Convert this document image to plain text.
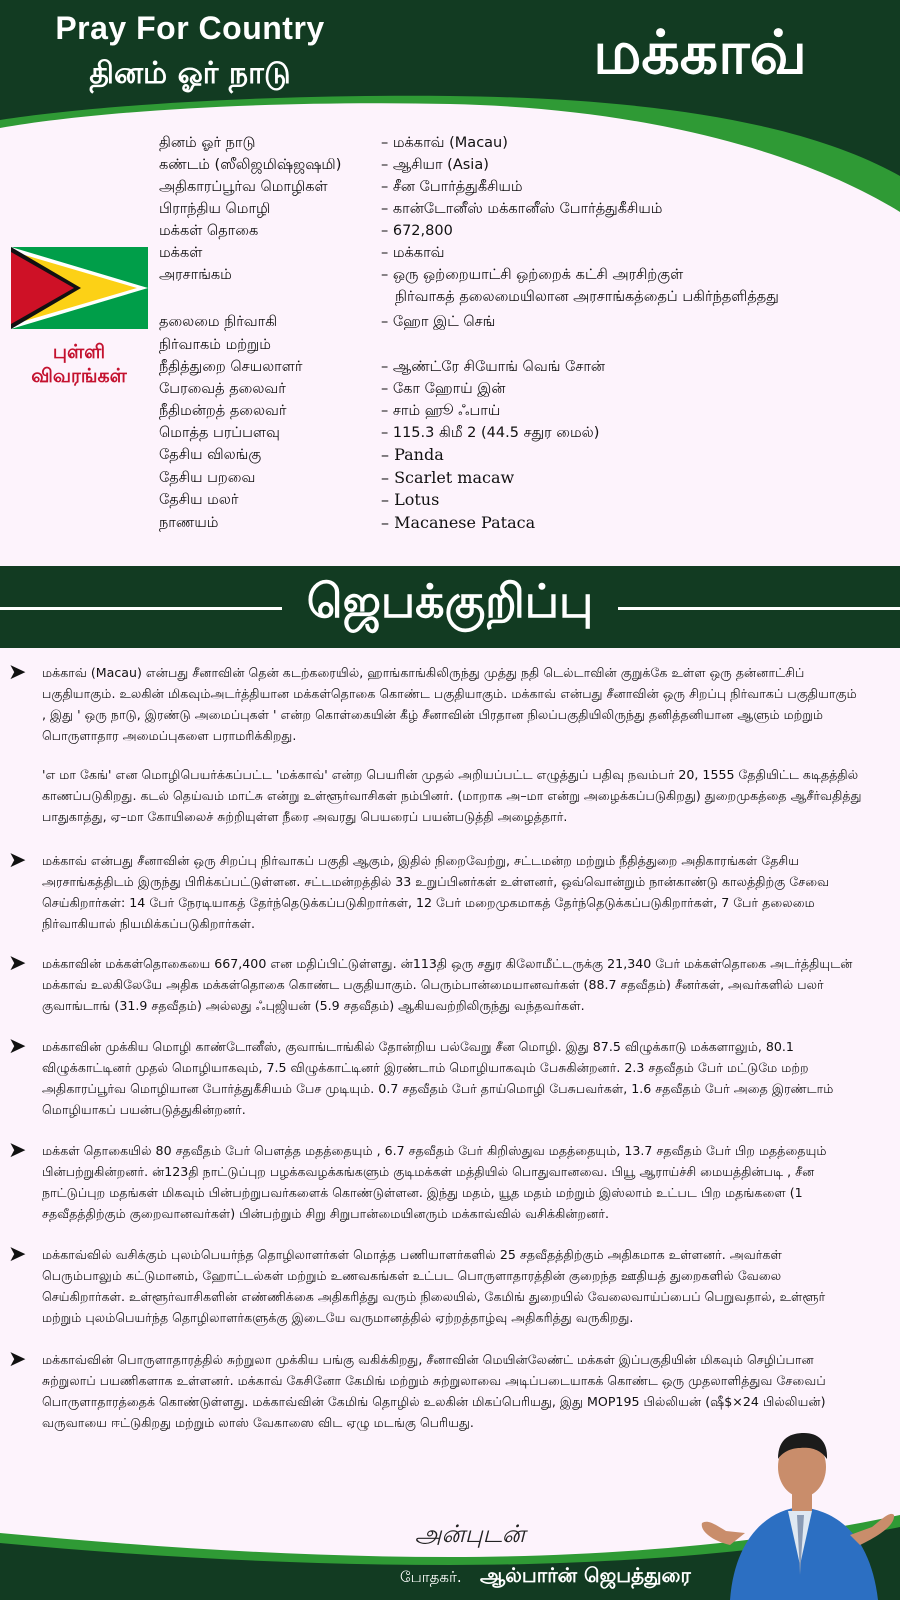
Pray For Country
தினம் ஓர் நாடு	மக்காவ்
புள்ளி
விவரங்கள்
தினம் ஓர் நாடு	– மக்காவ் (Macau)
கண்டம் (ஸீலிஜமிஷ்ஜஷமி)	– ஆசியா (Asia)
அதிகாரப்பூர்வ மொழிகள்	– சீன போர்த்துகீசியம்
பிராந்திய மொழி	– கான்டோனீஸ் மக்கானீஸ் போர்த்துகீசியம்
மக்கள் தொகை	– 672,800
மக்கள்	– மக்காவ்
அரசாங்கம்	– ஒரு ஒற்றையாட்சி ஒற்றைக் கட்சி அரசிற்குள்
நிர்வாகத் தலைமையிலான அரசாங்கத்தைப் பகிர்ந்தளித்தது
தலைமை நிர்வாகி	– ஹோ இட் செங்
நிர்வாகம் மற்றும்
நீதித்துறை செயலாளர்	– ஆண்ட்ரே சியோங் வெங் சோன்
பேரவைத் தலைவர்	– கோ ஹோய் இன்
நீதிமன்றத் தலைவர்	– சாம் ஹூ ஃபாய்
மொத்த பரப்பளவு	– 115.3 கிமீ 2 (44.5 சதுர மைல்)
தேசிய விலங்கு	– Panda
தேசிய பறவை	– Scarlet macaw
தேசிய மலர்	– Lotus
நாணயம்	– Macanese Pataca
ஜெபக்குறிப்பு
➤ மக்காவ் (Macau) என்பது சீனாவின் தென் கடற்கரையில், ஹாங்காங்கிலிருந்து முத்து நதி டெல்டாவின் குறுக்கே உள்ள ஒரு தன்னாட்சிப் பகுதியாகும். உலகின் மிகவும்அடர்த்தியான மக்கள்தொகை கொண்ட பகுதியாகும். மக்காவ் என்பது சீனாவின் ஒரு சிறப்பு நிர்வாகப் பகுதியாகும் , இது ' ஒரு நாடு, இரண்டு அமைப்புகள் ' என்ற கொள்கையின் கீழ் சீனாவின் பிரதான நிலப்பகுதியிலிருந்து தனித்தனியான ஆளும் மற்றும் பொருளாதார அமைப்புகளை பராமரிக்கிறது.

'எ மா கேங்' என மொழிபெயர்க்கப்பட்ட 'மக்காவ்' என்ற பெயரின் முதல் அறியப்பட்ட எழுத்துப் பதிவு நவம்பர் 20, 1555 தேதியிட்ட கடிதத்தில் காணப்படுகிறது. கடல் தெய்வம் மாட்சு என்று உள்ளூர்வாசிகள் நம்பினர். (மாறாக அ–மா என்று அழைக்கப்படுகிறது) துறைமுகத்தை ஆசீர்வதித்து பாதுகாத்து, ஏ–மா கோயிலைச் சுற்றியுள்ள நீரை அவரது பெயரைப் பயன்படுத்தி அழைத்தார்.

➤ மக்காவ் என்பது சீனாவின் ஒரு சிறப்பு நிர்வாகப் பகுதி ஆகும், இதில் நிறைவேற்று, சட்டமன்ற மற்றும் நீதித்துறை அதிகாரங்கள் தேசிய அரசாங்கத்திடம் இருந்து பிரிக்கப்பட்டுள்ளன. சட்டமன்றத்தில் 33 உறுப்பினர்கள் உள்ளனர், ஒவ்வொன்றும் நான்காண்டு காலத்திற்கு சேவை செய்கிறார்கள்: 14 பேர் நேரடியாகத் தேர்ந்தெடுக்கப்படுகிறார்கள், 12 பேர் மறைமுகமாகத் தேர்ந்தெடுக்கப்படுகிறார்கள், 7 பேர் தலைமை நிர்வாகியால் நியமிக்கப்படுகிறார்கள்.

➤ மக்காவின் மக்கள்தொகையை 667,400 என மதிப்பிட்டுள்ளது. ன்113தி ஒரு சதுர கிலோமீட்டருக்கு 21,340 பேர் மக்கள்தொகை அடர்த்தியுடன் மக்காவ் உலகிலேயே அதிக மக்கள்தொகை கொண்ட பகுதியாகும். பெரும்பான்மையானவர்கள் (88.7 சதவீதம்) சீனர்கள், அவர்களில் பலர் குவாங்டாங் (31.9 சதவீதம்) அல்லது ஃபுஜியன் (5.9 சதவீதம்) ஆகியவற்றிலிருந்து வந்தவர்கள்.

➤ மக்காவின் முக்கிய மொழி காண்டோனீஸ், குவாங்டாங்கில் தோன்றிய பல்வேறு சீன மொழி. இது 87.5 விழுக்காடு மக்களாலும், 80.1 விழுக்காட்டினர் முதல் மொழியாகவும், 7.5 விழுக்காட்டினர் இரண்டாம் மொழியாகவும் பேசுகின்றனர். 2.3 சதவீதம் பேர் மட்டுமே மற்ற அதிகாரப்பூர்வ மொழியான போர்த்துகீசியம் பேச முடியும். 0.7 சதவீதம் பேர் தாய்மொழி பேசுபவர்கள், 1.6 சதவீதம் பேர் அதை இரண்டாம் மொழியாகப் பயன்படுத்துகின்றனர்.

➤ மக்கள் தொகையில் 80 சதவீதம் பேர் பௌத்த மதத்தையும் , 6.7 சதவீதம் பேர் கிறிஸ்துவ மதத்தையும், 13.7 சதவீதம் பேர் பிற மதத்தையும் பின்பற்றுகின்றனர். ன்123தி நாட்டுப்புற பழக்கவழக்கங்களும் குடிமக்கள் மத்தியில் பொதுவானவை. பியூ ஆராய்ச்சி மையத்தின்படி , சீன நாட்டுப்புற மதங்கள் மிகவும் பின்பற்றுபவர்களைக் கொண்டுள்ளன. இந்து மதம், யூத மதம் மற்றும் இஸ்லாம் உட்பட பிற மதங்களை (1 சதவீதத்திற்கும் குறைவானவர்கள்) பின்பற்றும் சிறு சிறுபான்மையினரும் மக்காவ்வில் வசிக்கின்றனர்.

➤ மக்காவ்வில் வசிக்கும் புலம்பெயர்ந்த தொழிலாளர்கள் மொத்த பணியாளர்களில் 25 சதவீதத்திற்கும் அதிகமாக உள்ளனர். அவர்கள் பெரும்பாலும் கட்டுமானம், ஹோட்டல்கள் மற்றும் உணவகங்கள் உட்பட பொருளாதாரத்தின் குறைந்த ஊதியத் துறைகளில் வேலை செய்கிறார்கள். உள்ளூர்வாசிகளின் எண்ணிக்கை அதிகரித்து வரும் நிலையில், கேமிங் துறையில் வேலைவாய்ப்பைப் பெறுவதால், உள்ளூர் மற்றும் புலம்பெயர்ந்த தொழிலாளர்களுக்கு இடையே வருமானத்தில் ஏற்றத்தாழ்வு அதிகரித்து வருகிறது.

➤ மக்காவ்வின் பொருளாதாரத்தில் சுற்றுலா முக்கிய பங்கு வகிக்கிறது, சீனாவின் மெயின்லேண்ட் மக்கள் இப்பகுதியின் மிகவும் செழிப்பான சுற்றுலாப் பயணிகளாக உள்ளனர். மக்காவ் கேசினோ கேமிங் மற்றும் சுற்றுலாவை அடிப்படையாகக் கொண்ட ஒரு முதலாளித்துவ சேவைப் பொருளாதாரத்தைக் கொண்டுள்ளது. மக்காவ்வின் கேமிங் தொழில் உலகின் மிகப்பெரியது, இது MOP195 பில்லியன் (ஷீ$×24 பில்லியன்) வருவாயை ஈட்டுகிறது மற்றும் லாஸ் வேகாஸை விட ஏழு மடங்கு பெரியது.

அன்புடன்
போதகர். ஆல்பார்ன் ஜெபத்துரை
